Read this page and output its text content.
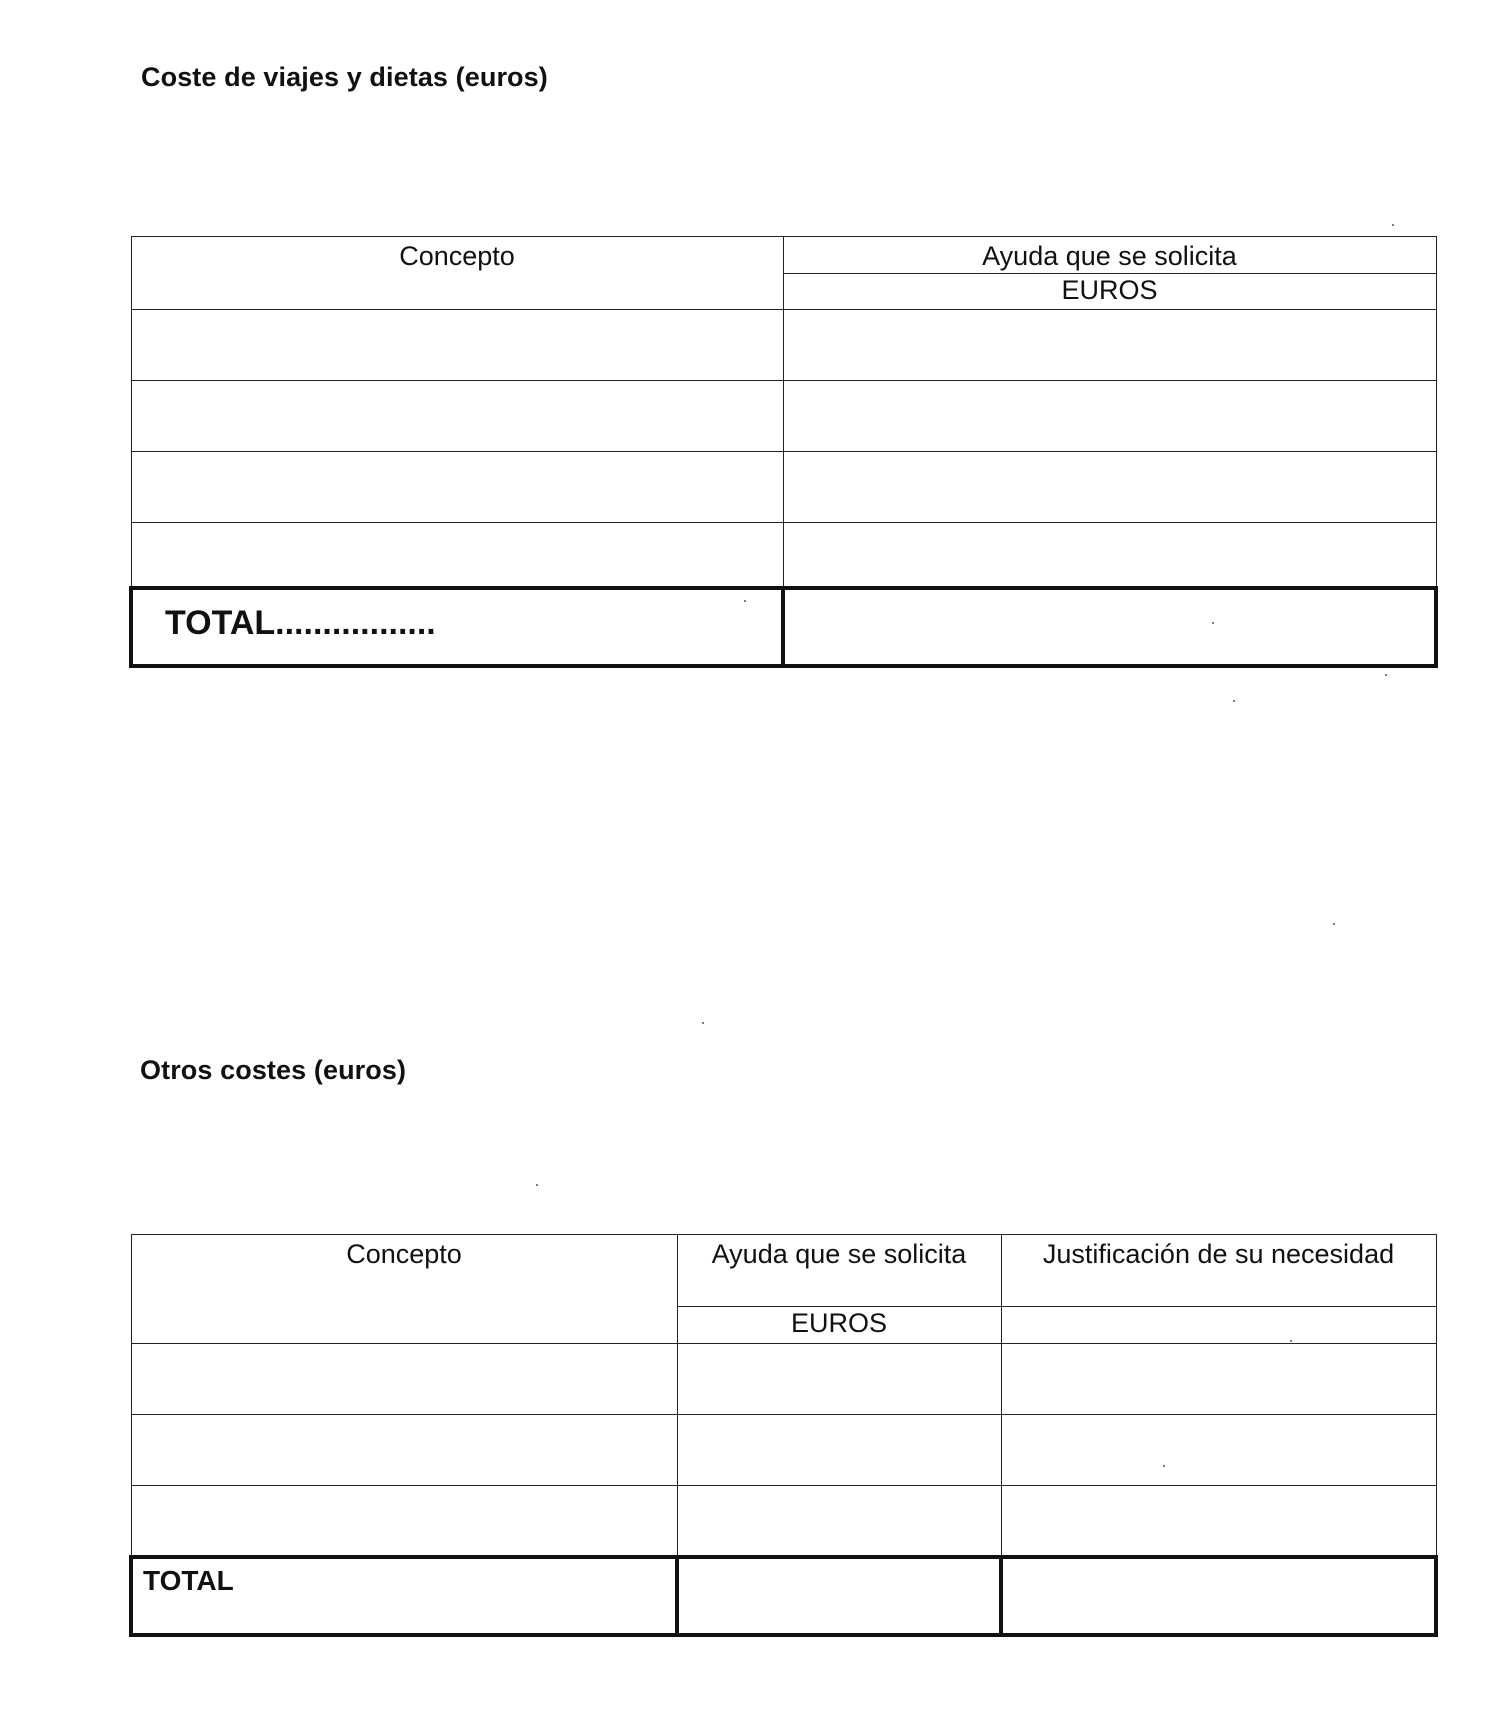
Coste de viajes y dietas (euros)
Concepto	Ayuda que se solicita
	EUROS

TOTAL.................	
Otros costes (euros)
Concepto	Ayuda que se solicita	Justificación de su necesidad
	EUROS	

TOTAL		
